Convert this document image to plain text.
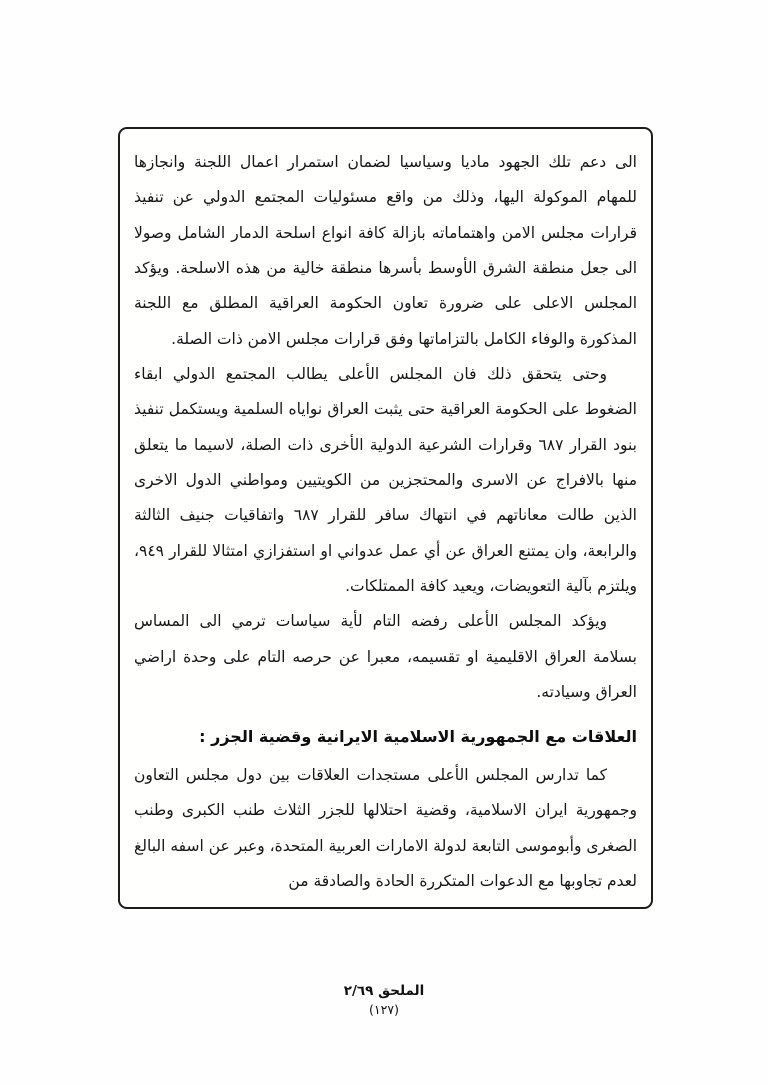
الى دعم تلك الجهود ماديا وسياسيا لضمان استمرار اعمال اللجنة وانجازها للمهام الموكولة اليها، وذلك من واقع مسئوليات المجتمع الدولي عن تنفيذ قرارات مجلس الامن واهتماماته بازالة كافة انواع اسلحة الدمار الشامل وصولا الى جعل منطقة الشرق الأوسط بأسرها منطقة خالية من هذه الاسلحة. ويؤكد المجلس الاعلى على ضرورة تعاون الحكومة العراقية المطلق مع اللجنة المذكورة والوفاء الكامل بالتزاماتها وفق قرارات مجلس الامن ذات الصلة.

وحتى يتحقق ذلك فان المجلس الأعلى يطالب المجتمع الدولي ابقاء الضغوط على الحكومة العراقية حتى يثبت العراق نواياه السلمية ويستكمل تنفيذ بنود القرار ٦٨٧ وقرارات الشرعية الدولية الأخرى ذات الصلة، لاسيما ما يتعلق منها بالافراج عن الاسرى والمحتجزين من الكويتيين ومواطني الدول الاخرى الذين طالت معاناتهم في انتهاك سافر للقرار ٦٨٧ واتفاقيات جنيف الثالثة والرابعة، وان يمتنع العراق عن أي عمل عدواني او استفزازي امتثالا للقرار ٩٤٩، ويلتزم بآلية التعويضات، ويعيد كافة الممتلكات.

ويؤكد المجلس الأعلى رفضه التام لأية سياسات ترمي الى المساس بسلامة العراق الاقليمية او تقسيمه، معبرا عن حرصه التام على وحدة اراضي العراق وسيادته.

العلاقات مع الجمهورية الاسلامية الايرانية وقضية الجزر :

كما تدارس المجلس الأعلى مستجدات العلاقات بين دول مجلس التعاون وجمهورية ايران الاسلامية، وقضية احتلالها للجزر الثلاث طنب الكبرى وطنب الصغرى وأبوموسى التابعة لدولة الامارات العربية المتحدة، وعبر عن اسفه البالغ لعدم تجاوبها مع الدعوات المتكررة الحادة والصادقة من

الملحق ٢/٦٩
(١٢٧)
